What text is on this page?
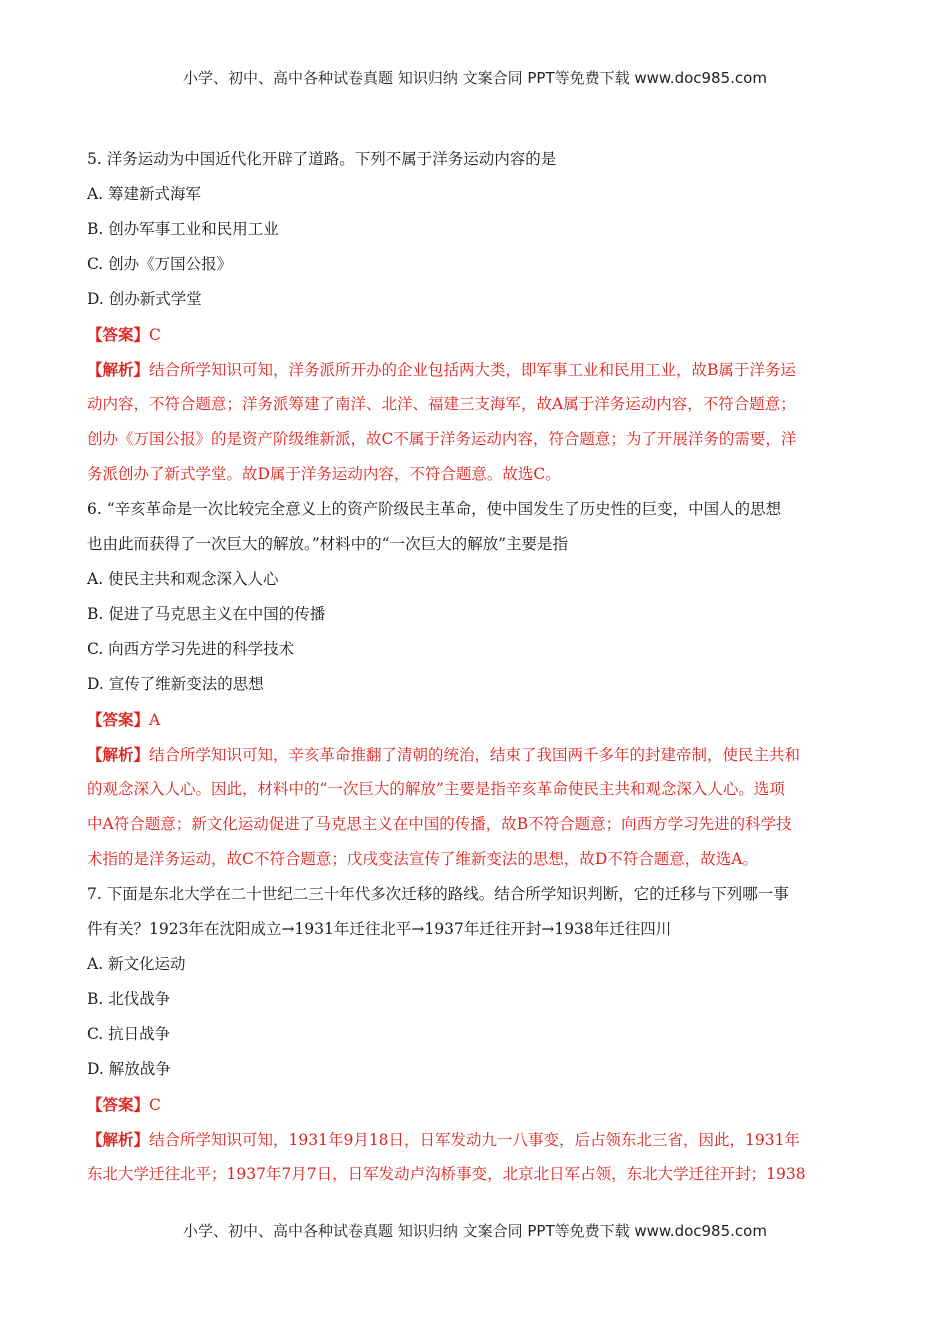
小学、初中、高中各种试卷真题 知识归纳 文案合同 PPT等免费下载 www.doc985.com
5. 洋务运动为中国近代化开辟了道路。下列不属于洋务运动内容的是
A. 筹建新式海军
B. 创办军事工业和民用工业
C. 创办《万国公报》
D. 创办新式学堂
【答案】C
【解析】结合所学知识可知，洋务派所开办的企业包括两大类，即军事工业和民用工业，故B属于洋务运
动内容，不符合题意；洋务派筹建了南洋、北洋、福建三支海军，故A属于洋务运动内容，不符合题意；
创办《万国公报》的是资产阶级维新派，故C不属于洋务运动内容，符合题意；为了开展洋务的需要，洋
务派创办了新式学堂。故D属于洋务运动内容，不符合题意。故选C。
6. “辛亥革命是一次比较完全意义上的资产阶级民主革命，使中国发生了历史性的巨变，中国人的思想
也由此而获得了一次巨大的解放。”材料中的“一次巨大的解放”主要是指
A. 使民主共和观念深入人心
B. 促进了马克思主义在中国的传播
C. 向西方学习先进的科学技术
D. 宣传了维新变法的思想
【答案】A
【解析】结合所学知识可知，辛亥革命推翻了清朝的统治，结束了我国两千多年的封建帝制，使民主共和
的观念深入人心。因此，材料中的“一次巨大的解放”主要是指辛亥革命使民主共和观念深入人心。选项
中A符合题意；新文化运动促进了马克思主义在中国的传播，故B不符合题意；向西方学习先进的科学技
术指的是洋务运动，故C不符合题意；戊戌变法宣传了维新变法的思想，故D不符合题意，故选A。
7. 下面是东北大学在二十世纪二三十年代多次迁移的路线。结合所学知识判断，它的迁移与下列哪一事
件有关？1923年在沈阳成立→1931年迁往北平→1937年迁往开封→1938年迁往四川
A. 新文化运动
B. 北伐战争
C. 抗日战争
D. 解放战争
【答案】C
【解析】结合所学知识可知，1931年9月18日，日军发动九一八事变，后占领东北三省，因此，1931年
东北大学迁往北平；1937年7月7日，日军发动卢沟桥事变，北京北日军占领，东北大学迁往开封；1938
小学、初中、高中各种试卷真题 知识归纳 文案合同 PPT等免费下载 www.doc985.com
